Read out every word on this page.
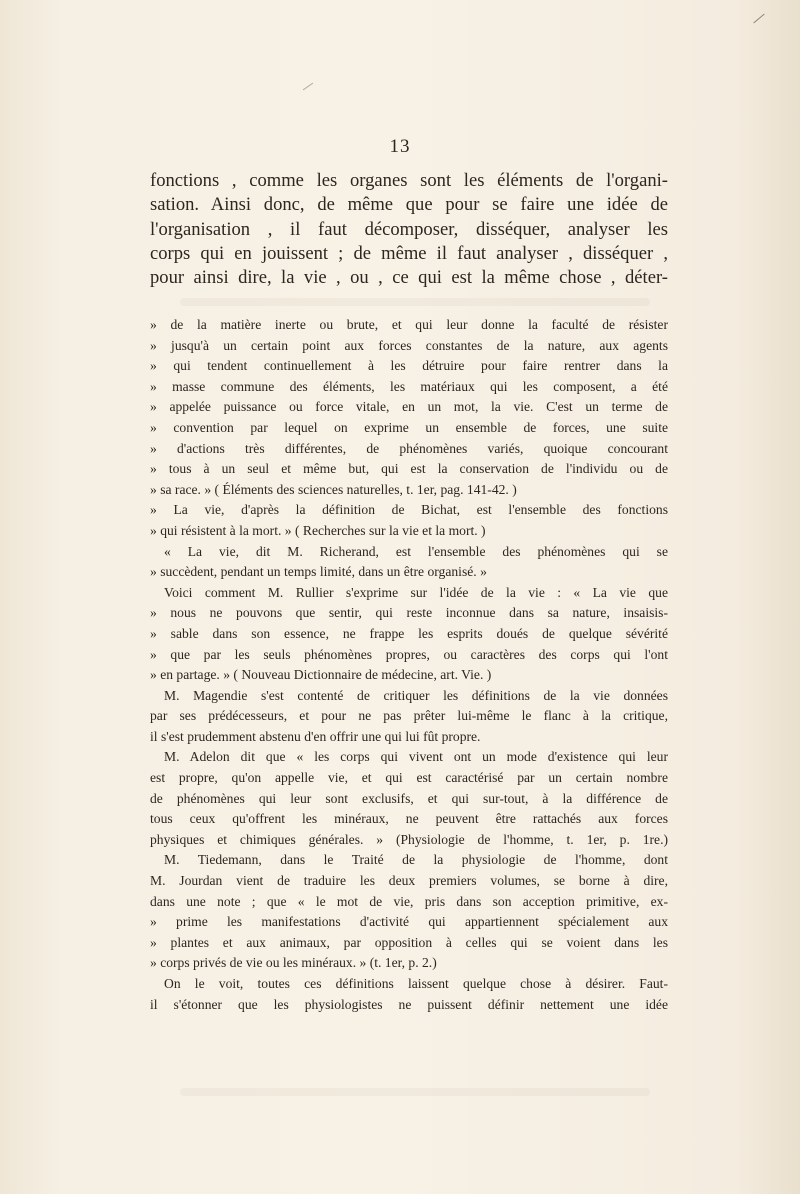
13
fonctions , comme les organes sont les éléments de l'organi-
sation. Ainsi donc, de même que pour se faire une idée de
l'organisation , il faut décomposer, disséquer, analyser les
corps qui en jouissent ; de même il faut analyser , disséquer ,
pour ainsi dire, la vie , ou , ce qui est la même chose , déter-
» de la matière inerte ou brute, et qui leur donne la faculté de résister
» jusqu'à un certain point aux forces constantes de la nature, aux agents
» qui tendent continuellement à les détruire pour faire rentrer dans la
» masse commune des éléments, les matériaux qui les composent, a été
» appelée puissance ou force vitale, en un mot, la vie. C'est un terme de
» convention par lequel on exprime un ensemble de forces, une suite
» d'actions très différentes, de phénomènes variés, quoique concourant
» tous à un seul et même but, qui est la conservation de l'individu ou de
» sa race. » ( Éléments des sciences naturelles, t. 1er, pag. 141-42. )
» La vie, d'après la définition de Bichat, est l'ensemble des fonctions
» qui résistent à la mort. » ( Recherches sur la vie et la mort. )
« La vie, dit M. Richerand, est l'ensemble des phénomènes qui se
» succèdent, pendant un temps limité, dans un être organisé. »
Voici comment M. Rullier s'exprime sur l'idée de la vie : « La vie que
» nous ne pouvons que sentir, qui reste inconnue dans sa nature, insaisis-
» sable dans son essence, ne frappe les esprits doués de quelque sévérité
» que par les seuls phénomènes propres, ou caractères des corps qui l'ont
» en partage. » ( Nouveau Dictionnaire de médecine, art. Vie. )
M. Magendie s'est contenté de critiquer les définitions de la vie données
par ses prédécesseurs, et pour ne pas prêter lui-même le flanc à la critique,
il s'est prudemment abstenu d'en offrir une qui lui fût propre.
M. Adelon dit que « les corps qui vivent ont un mode d'existence qui leur
est propre, qu'on appelle vie, et qui est caractérisé par un certain nombre
de phénomènes qui leur sont exclusifs, et qui sur-tout, à la différence de
tous ceux qu'offrent les minéraux, ne peuvent être rattachés aux forces
physiques et chimiques générales. » (Physiologie de l'homme, t. 1er, p. 1re.)
M. Tiedemann, dans le Traité de la physiologie de l'homme, dont
M. Jourdan vient de traduire les deux premiers volumes, se borne à dire,
dans une note ; que « le mot de vie, pris dans son acception primitive, ex-
» prime les manifestations d'activité qui appartiennent spécialement aux
» plantes et aux animaux, par opposition à celles qui se voient dans les
» corps privés de vie ou les minéraux. » (t. 1er, p. 2.)
On le voit, toutes ces définitions laissent quelque chose à désirer. Faut-
il s'étonner que les physiologistes ne puissent définir nettement une idée
